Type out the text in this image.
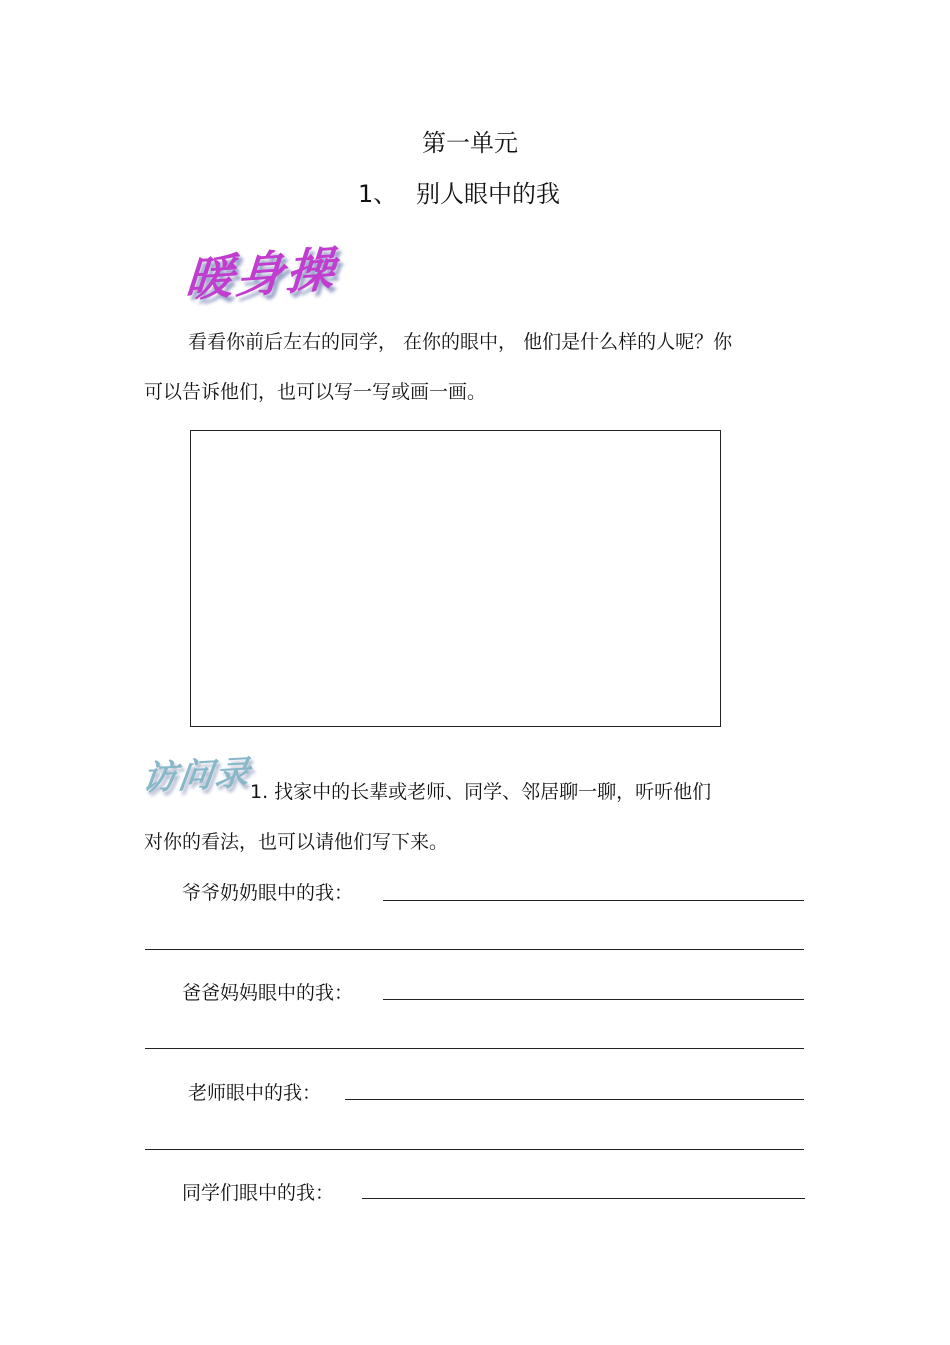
第一单元
1、 别人眼中的我
暖身操
看看你前后左右的同学， 在你的眼中， 他们是什么样的人呢？你
可以告诉他们，也可以写一写或画一画。
访问录
1. 找家中的长辈或老师、同学、邻居聊一聊，听听他们
对你的看法，也可以请他们写下来。
爷爷奶奶眼中的我：
爸爸妈妈眼中的我：
老师眼中的我：
同学们眼中的我：
